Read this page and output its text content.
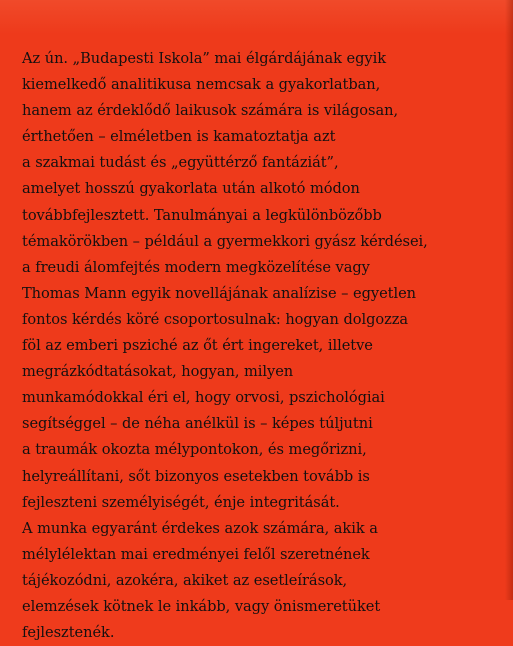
Az ún. „Budapesti Iskola” mai élgárdájának egyik
kiemelkedő analitikusa nemcsak a gyakorlatban,
hanem az érdeklődő laikusok számára is világosan,
érthetően – elméletben is kamatoztatja azt
a szakmai tudást és „együttérző fantáziát”,
amelyet hosszú gyakorlata után alkotó módon
továbbfejlesztett. Tanulmányai a legkülönbözőbb
témakörökben – például a gyermekkori gyász kérdései,
a freudi álomfejtés modern megközelítése vagy
Thomas Mann egyik novellájának analízise – egyetlen
fontos kérdés köré csoportosulnak: hogyan dolgozza
föl az emberi psziché az őt ért ingereket, illetve
megrázkódtatásokat, hogyan, milyen
munkamódokkal éri el, hogy orvosi, pszichológiai
segítséggel – de néha anélkül is – képes túljutni
a traumák okozta mélypontokon, és megőrizni,
helyreállítani, sőt bizonyos esetekben tovább is
fejleszteni személyiségét, énje integritását.
A munka egyaránt érdekes azok számára, akik a
mélylélektan mai eredményei felől szeretnének
tájékozódni, azokéra, akiket az esetleírások,
elemzések kötnek le inkább, vagy önismeretüket
fejlesztenék.
